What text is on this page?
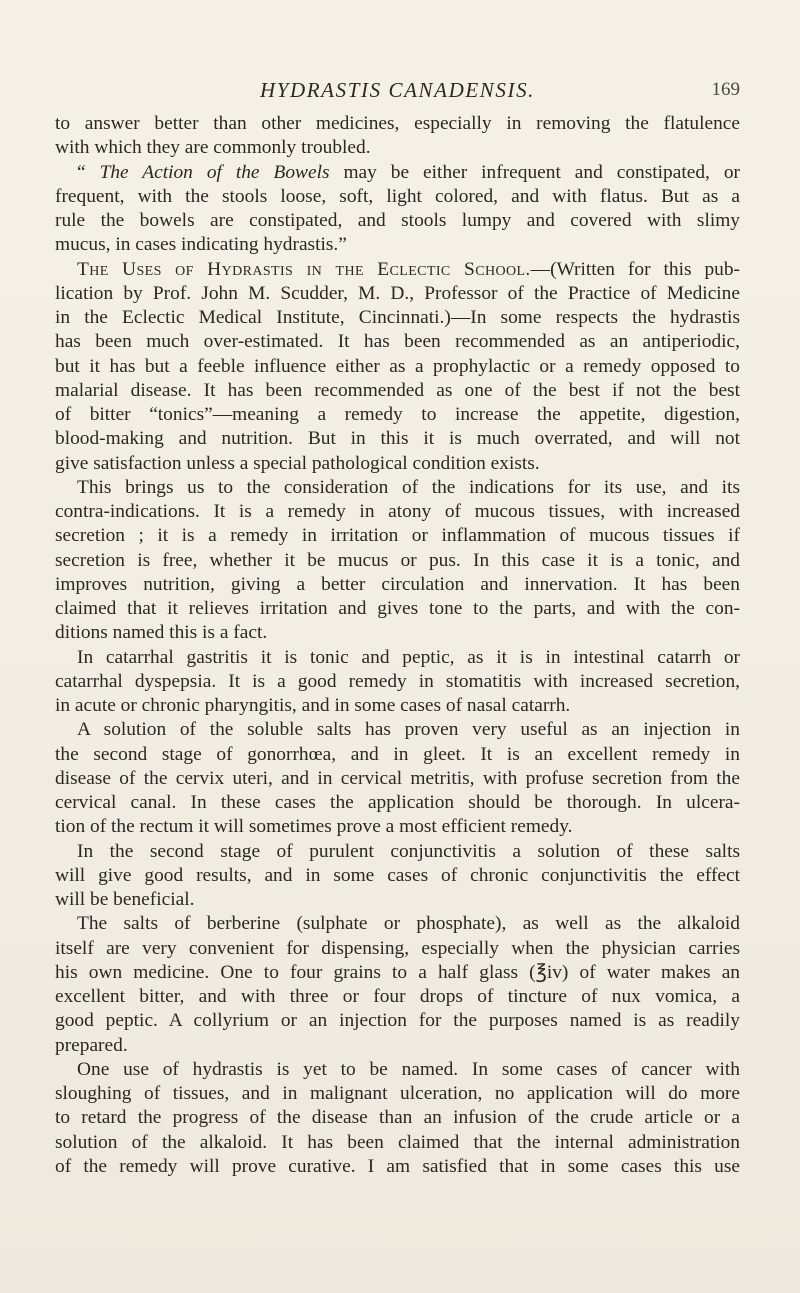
HYDRASTIS CANADENSIS.	169
to answer better than other medicines, especially in removing the flatulence
with which they are commonly troubled.
“ The Action of the Bowels may be either infrequent and constipated, or
frequent, with the stools loose, soft, light colored, and with flatus. But as a
rule the bowels are constipated, and stools lumpy and covered with slimy
mucus, in cases indicating hydrastis.”
The Uses of Hydrastis in the Eclectic School.—(Written for this pub-
lication by Prof. John M. Scudder, M. D., Professor of the Practice of Medicine
in the Eclectic Medical Institute, Cincinnati.)—In some respects the hydrastis
has been much over-estimated. It has been recommended as an antiperiodic,
but it has but a feeble influence either as a prophylactic or a remedy opposed to
malarial disease. It has been recommended as one of the best if not the best
of bitter “tonics”—meaning a remedy to increase the appetite, digestion,
blood-making and nutrition. But in this it is much overrated, and will not
give satisfaction unless a special pathological condition exists.
This brings us to the consideration of the indications for its use, and its
contra-indications. It is a remedy in atony of mucous tissues, with increased
secretion ; it is a remedy in irritation or inflammation of mucous tissues if
secretion is free, whether it be mucus or pus. In this case it is a tonic, and
improves nutrition, giving a better circulation and innervation. It has been
claimed that it relieves irritation and gives tone to the parts, and with the con-
ditions named this is a fact.
In catarrhal gastritis it is tonic and peptic, as it is in intestinal catarrh or
catarrhal dyspepsia. It is a good remedy in stomatitis with increased secretion,
in acute or chronic pharyngitis, and in some cases of nasal catarrh.
A solution of the soluble salts has proven very useful as an injection in
the second stage of gonorrhœa, and in gleet. It is an excellent remedy in
disease of the cervix uteri, and in cervical metritis, with profuse secretion from the
cervical canal. In these cases the application should be thorough. In ulcera-
tion of the rectum it will sometimes prove a most efficient remedy.
In the second stage of purulent conjunctivitis a solution of these salts
will give good results, and in some cases of chronic conjunctivitis the effect
will be beneficial.
The salts of berberine (sulphate or phosphate), as well as the alkaloid
itself are very convenient for dispensing, especially when the physician carries
his own medicine. One to four grains to a half glass (℥iv) of water makes an
excellent bitter, and with three or four drops of tincture of nux vomica, a
good peptic. A collyrium or an injection for the purposes named is as readily
prepared.
One use of hydrastis is yet to be named. In some cases of cancer with
sloughing of tissues, and in malignant ulceration, no application will do more
to retard the progress of the disease than an infusion of the crude article or a
solution of the alkaloid. It has been claimed that the internal administration
of the remedy will prove curative. I am satisfied that in some cases this use
